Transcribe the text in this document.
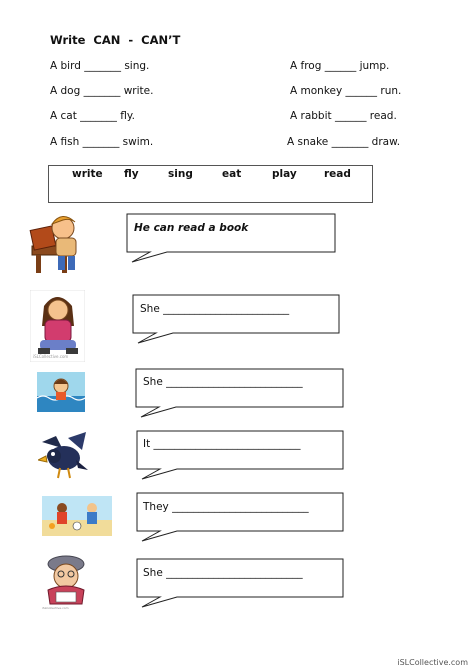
Write CAN - CAN’T
A bird _______ sing.
A dog _______ write.
A cat _______ fly.
A fish _______ swim.
A frog ______ jump.
A monkey ______ run.
A rabbit ______ read.
A snake _______ draw.
write fly	sing	eat	play	read
iSLCollective.com
iSLCollective.com
He can read a book
She ________________________
She __________________________
It ____________________________
They __________________________
She __________________________
iSLCollective.com
